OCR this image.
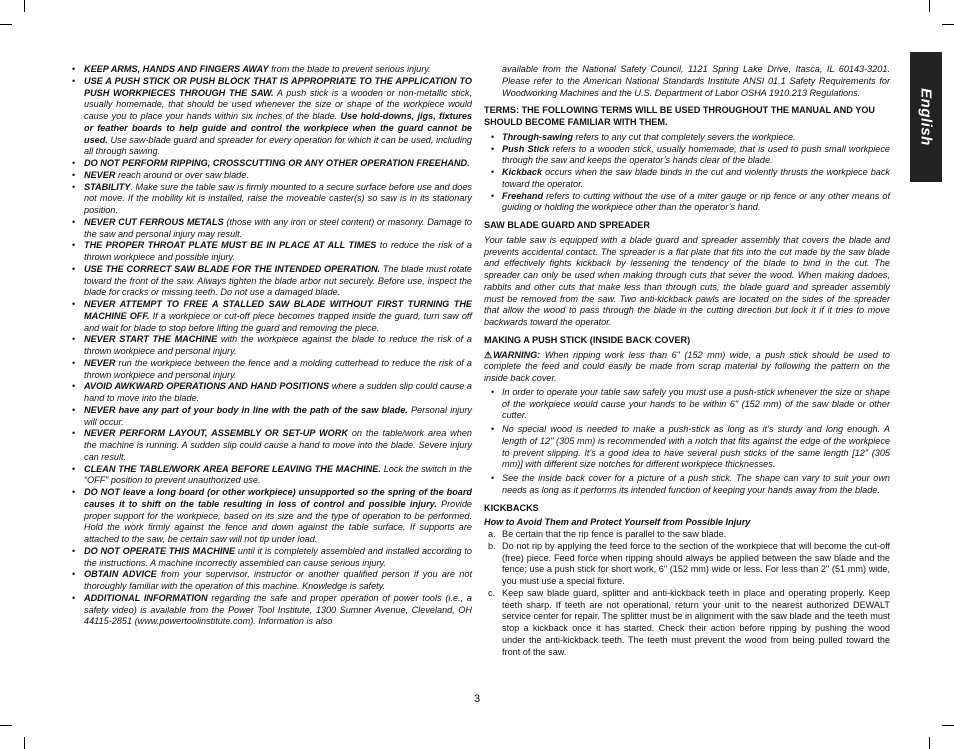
English
• KEEP ARMS, HANDS AND FINGERS AWAY from the blade to prevent serious injury.
• USE A PUSH STICK OR PUSH BLOCK THAT IS APPROPRIATE TO THE APPLICATION TO PUSH WORKPIECES THROUGH THE SAW. A push stick is a wooden or non-metallic stick, usually homemade, that should be used whenever the size or shape of the workpiece would cause you to place your hands within six inches of the blade. Use hold-downs, jigs, fixtures or feather boards to help guide and control the workpiece when the guard cannot be used. Use saw-blade guard and spreader for every operation for which it can be used, including all through sawing.
• DO NOT PERFORM RIPPING, CROSSCUTTING OR ANY OTHER OPERATION FREEHAND.
• NEVER reach around or over saw blade.
• STABILITY. Make sure the table saw is firmly mounted to a secure surface before use and does not move. If the mobility kit is installed, raise the moveable caster(s) so saw is in its stationary position.
• NEVER CUT FERROUS METALS (those with any iron or steel content) or masonry. Damage to the saw and personal injury may result.
• THE PROPER THROAT PLATE MUST BE IN PLACE AT ALL TIMES to reduce the risk of a thrown workpiece and possible injury.
• USE THE CORRECT SAW BLADE FOR THE INTENDED OPERATION. The blade must rotate toward the front of the saw. Always tighten the blade arbor nut securely. Before use, inspect the blade for cracks or missing teeth. Do not use a damaged blade.
• NEVER ATTEMPT TO FREE A STALLED SAW BLADE WITHOUT FIRST TURNING THE MACHINE OFF. If a workpiece or cut-off piece becomes trapped inside the guard, turn saw off and wait for blade to stop before lifting the guard and removing the piece.
• NEVER START THE MACHINE with the workpiece against the blade to reduce the risk of a thrown workpiece and personal injury.
• NEVER run the workpiece between the fence and a molding cutterhead to reduce the risk of a thrown workpiece and personal injury.
• AVOID AWKWARD OPERATIONS AND HAND POSITIONS where a sudden slip could cause a hand to move into the blade.
• NEVER have any part of your body in line with the path of the saw blade. Personal injury will occur.
• NEVER PERFORM LAYOUT, ASSEMBLY OR SET-UP WORK on the table/work area when the machine is running. A sudden slip could cause a hand to move into the blade. Severe injury can result.
• CLEAN THE TABLE/WORK AREA BEFORE LEAVING THE MACHINE. Lock the switch in the “OFF” position to prevent unauthorized use.
• DO NOT leave a long board (or other workpiece) unsupported so the spring of the board causes it to shift on the table resulting in loss of control and possible injury. Provide proper support for the workpiece, based on its size and the type of operation to be performed. Hold the work firmly against the fence and down against the table surface. If supports are attached to the saw, be certain saw will not tip under load.
• DO NOT OPERATE THIS MACHINE until it is completely assembled and installed according to the instructions. A machine incorrectly assembled can cause serious injury.
• OBTAIN ADVICE from your supervisor, instructor or another qualified person if you are not thoroughly familiar with the operation of this machine. Knowledge is safety.
• ADDITIONAL INFORMATION regarding the safe and proper operation of power tools (i.e., a safety video) is available from the Power Tool Institute, 1300 Sumner Avenue, Cleveland, OH 44115-2851 (www.powertoolinstitute.com). Information is also
available from the National Safety Council, 1121 Spring Lake Drive, Itasca, IL 60143-3201. Please refer to the American National Standards Institute ANSI 01.1 Safety Requirements for Woodworking Machines and the U.S. Department of Labor OSHA 1910.213 Regulations.
TERMS: THE FOLLOWING TERMS WILL BE USED THROUGHOUT THE MANUAL AND YOU SHOULD BECOME FAMILIAR WITH THEM.
• Through-sawing refers to any cut that completely severs the workpiece.
• Push Stick refers to a wooden stick, usually homemade, that is used to push small workpiece through the saw and keeps the operator’s hands clear of the blade.
• Kickback occurs when the saw blade binds in the cut and violently thrusts the workpiece back toward the operator.
• Freehand refers to cutting without the use of a miter gauge or rip fence or any other means of guiding or holding the workpiece other than the operator’s hand.
SAW BLADE GUARD AND SPREADER
Your table saw is equipped with a blade guard and spreader assembly that covers the blade and prevents accidental contact. The spreader is a flat plate that fits into the cut made by the saw blade and effectively fights kickback by lessening the tendency of the blade to bind in the cut. The spreader can only be used when making through cuts that sever the wood. When making dadoes, rabbits and other cuts that make less than through cuts, the blade guard and spreader assembly must be removed from the saw. Two anti-kickback pawls are located on the sides of the spreader that allow the wood to pass through the blade in the cutting direction but lock it if it tries to move backwards toward the operator.
MAKING A PUSH STICK (INSIDE BACK COVER)
⚠WARNING: When ripping work less than 6" (152 mm) wide, a push stick should be used to complete the feed and could easily be made from scrap material by following the pattern on the inside back cover.
• In order to operate your table saw safely you must use a push-stick whenever the size or shape of the workpiece would cause your hands to be within 6" (152 mm) of the saw blade or other cutter.
• No special wood is needed to make a push-stick as long as it’s sturdy and long enough. A length of 12" (305 mm) is recommended with a notch that fits against the edge of the workpiece to prevent slipping. It’s a good idea to have several push sticks of the same length [12" (305 mm)] with different size notches for different workpiece thicknesses.
• See the inside back cover for a picture of a push stick. The shape can vary to suit your own needs as long as it performs its intended function of keeping your hands away from the blade.
KICKBACKS
How to Avoid Them and Protect Yourself from Possible Injury
a. Be certain that the rip fence is parallel to the saw blade.
b. Do not rip by applying the feed force to the section of the workpiece that will become the cut-off (free) piece. Feed force when ripping should always be applied between the saw blade and the fence; use a push stick for short work, 6" (152 mm) wide or less. For less than 2" (51 mm) wide, you must use a special fixture.
c. Keep saw blade guard, splitter and anti-kickback teeth in place and operating properly. Keep teeth sharp. If teeth are not operational, return your unit to the nearest authorized DEWALT service center for repair. The splitter must be in alignment with the saw blade and the teeth must stop a kickback once it has started. Check their action before ripping by pushing the wood under the anti-kickback teeth. The teeth must prevent the wood from being pulled toward the front of the saw.
3
